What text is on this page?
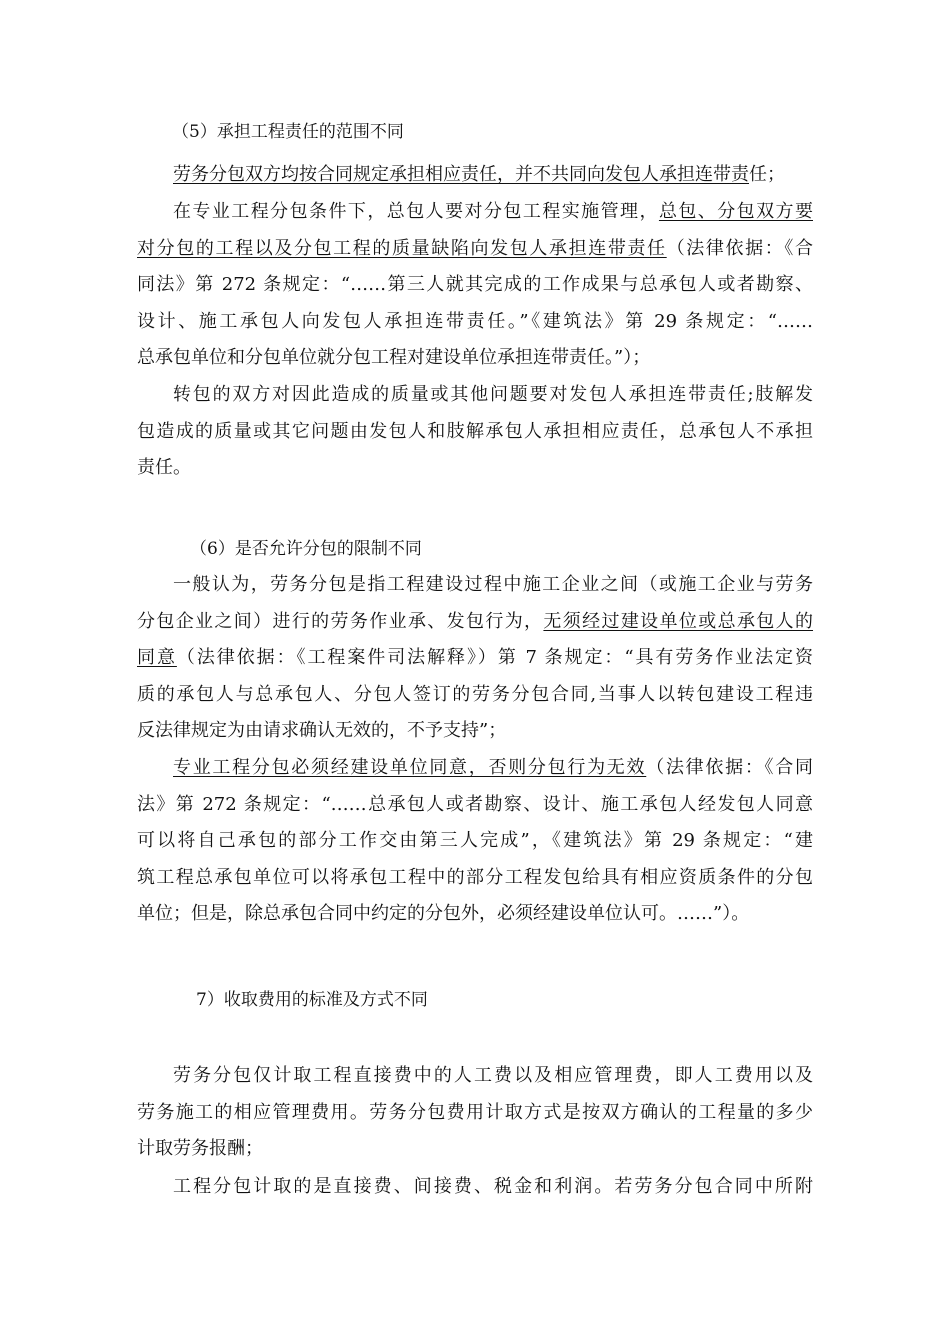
（5）承担工程责任的范围不同
劳务分包双方均按合同规定承担相应责任，并不共同向发包人承担连带责任；
在专业工程分包条件下，总包人要对分包工程实施管理，总包、分包双方要
对分包的工程以及分包工程的质量缺陷向发包人承担连带责任（法律依据：《合
同法》第 272 条规定：“……第三人就其完成的工作成果与总承包人或者勘察、
设计、施工承包人向发包人承担连带责任。”《建筑法》第 29 条规定：“……
总承包单位和分包单位就分包工程对建设单位承担连带责任。”）；
转包的双方对因此造成的质量或其他问题要对发包人承担连带责任;肢解发
包造成的质量或其它问题由发包人和肢解承包人承担相应责任，总承包人不承担
责任。
（6）是否允许分包的限制不同
一般认为，劳务分包是指工程建设过程中施工企业之间（或施工企业与劳务
分包企业之间）进行的劳务作业承、发包行为，无须经过建设单位或总承包人的
同意（法律依据：《工程案件司法解释》）第 7 条规定：“具有劳务作业法定资
质的承包人与总承包人、分包人签订的劳务分包合同,当事人以转包建设工程违
反法律规定为由请求确认无效的，不予支持”；
专业工程分包必须经建设单位同意，否则分包行为无效（法律依据：《合同
法》第 272 条规定：“……总承包人或者勘察、设计、施工承包人经发包人同意
可以将自己承包的部分工作交由第三人完成”，《建筑法》第 29 条规定：“建
筑工程总承包单位可以将承包工程中的部分工程发包给具有相应资质条件的分包
单位；但是，除总承包合同中约定的分包外，必须经建设单位认可。……”）。
7）收取费用的标准及方式不同
劳务分包仅计取工程直接费中的人工费以及相应管理费，即人工费用以及
劳务施工的相应管理费用。劳务分包费用计取方式是按双方确认的工程量的多少
计取劳务报酬；
工程分包计取的是直接费、间接费、税金和利润。若劳务分包合同中所附
